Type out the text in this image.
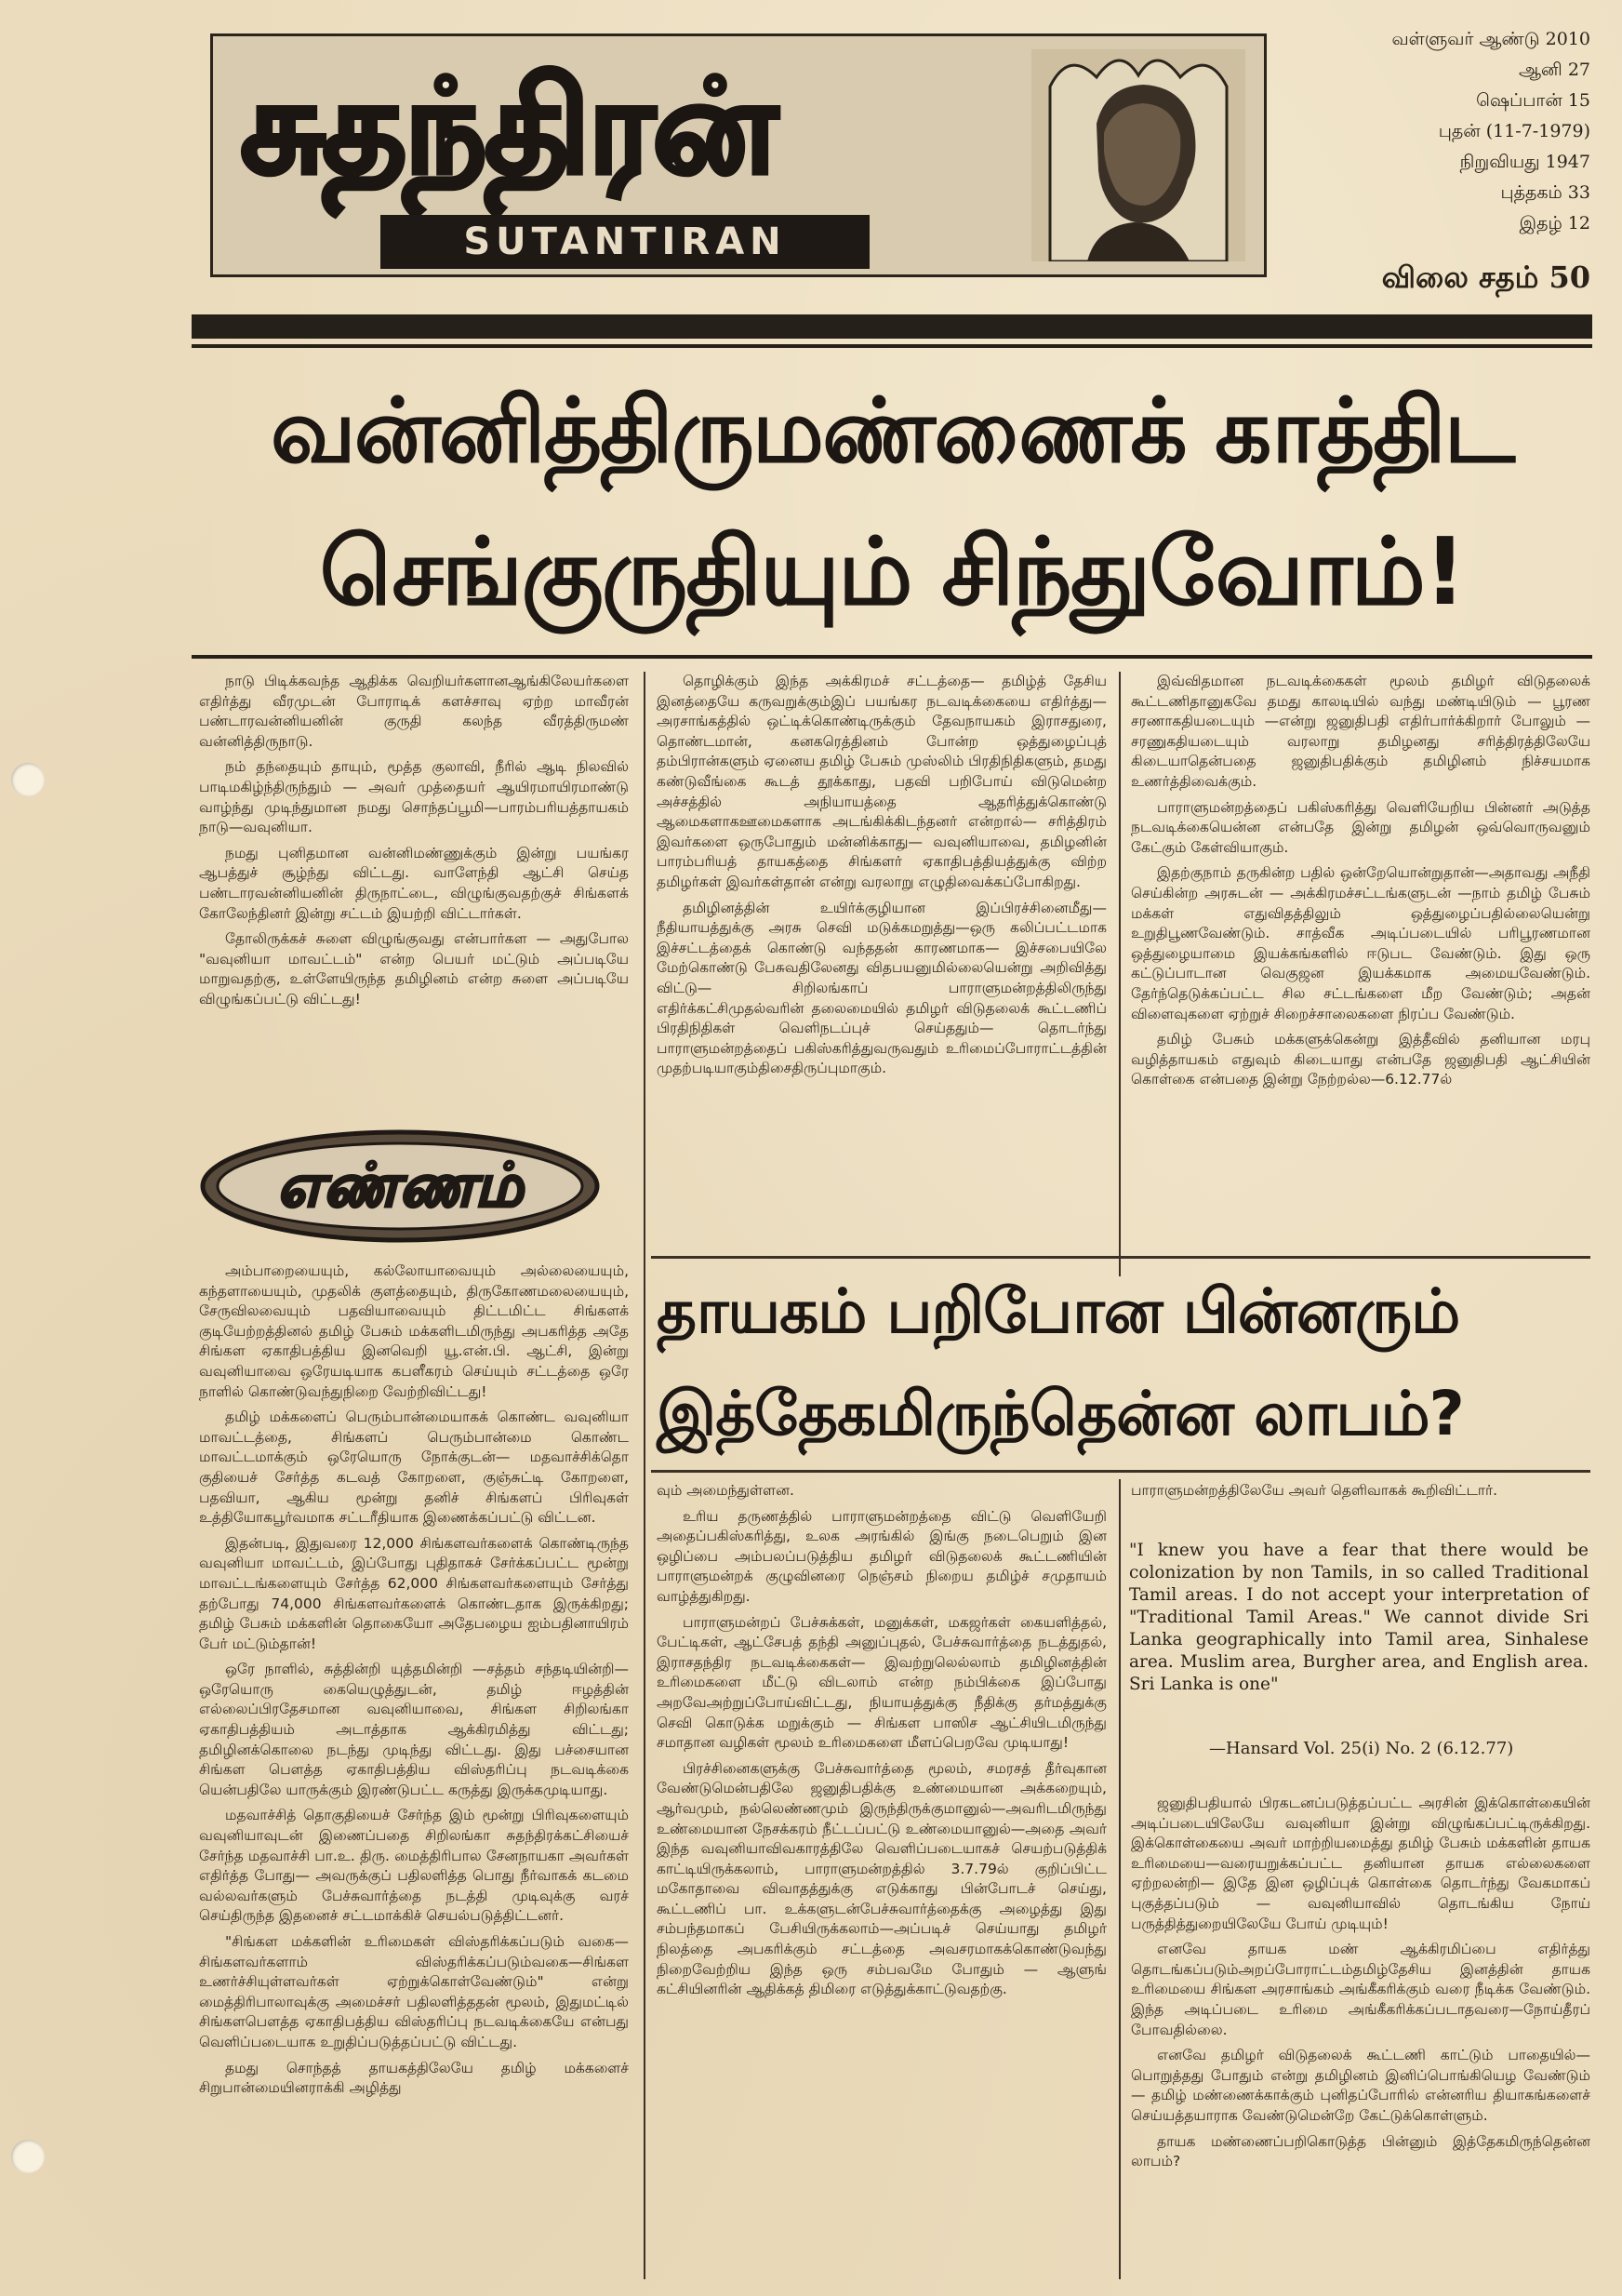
சுதந்திரன்
SUTANTIRAN
வள்ளுவர் ஆண்டு 2010
ஆனி 27
ஷெப்பான் 15
புதன் (11-7-1979)
நிறுவியது 1947
புத்தகம் 33
இதழ் 12
விலை சதம் 50
வன்னித்திருமண்ணைக் காத்திட
செங்குருதியும் சிந்துவோம்!

நாடு பிடிக்கவந்த ஆதிக்க வெறியர்களானஆங்கிலேயர்களை எதிர்த்து வீரமுடன் போராடிக் களச்சாவு ஏற்ற மாவீரன் பண்டாரவன்னியனின் குருதி கலந்த வீரத்திருமண் வன்னித்திருநாடு.

நம் தந்தையும் தாயும், மூத்த குலாவி, நீரில் ஆடி நிலவில் பாடிமகிழ்ந்திருந்தும் — அவர் முத்தையர் ஆயிரமாயிரமாண்டு வாழ்ந்து முடிந்துமான நமது சொந்தப்பூமி—பாரம்பரியத்தாயகம் நாடு—வவுனியா.

நமது புனிதமான வன்னிமண்ணுக்கும் இன்று பயங்கர ஆபத்துச் சூழ்ந்து விட்டது. வாளேந்தி ஆட்சி செய்த பண்டாரவன்னியனின் திருநாட்டை, விழுங்குவதற்குச் சிங்களக் கோலேந்தினர் இன்று சட்டம் இயற்றி விட்டார்கள்.

தோலிருக்கச் சுளை விழுங்குவது என்பார்கள — அதுபோல "வவுனியா மாவட்டம்" என்ற பெயர் மட்டும் அப்படியே மாறுவதற்கு, உள்ளேயிருந்த தமிழினம் என்ற சுளை அப்படியே விழுங்கப்பட்டு விட்டது!

எண்ணம்

அம்பாறையையும், கல்லோயாவையும் அல்லையையும், கந்தளாயையும், முதலிக் குளத்தையும், திருகோணமலையையும், சேருவிலவையும் பதவியாவையும் திட்டமிட்ட சிங்களக் குடியேற்றத்தினல் தமிழ் பேசும் மக்களிடமிருந்து அபகரித்த அதே சிங்கள ஏகாதிபத்திய இனவெறி யூ.என்.பி. ஆட்சி, இன்று வவுனியாவை ஒரேயடியாக கபளீகரம் செய்யும் சட்டத்தை ஒரே நாளில் கொண்டுவந்துநிறை வேற்றிவிட்டது!

தமிழ் மக்களைப் பெரும்பான்மையாகக் கொண்ட வவுனியா மாவட்டத்தை, சிங்களப் பெரும்பான்மை கொண்ட மாவட்டமாக்கும் ஒரேயொரு நோக்குடன்— மதவாச்சிக்தொ குதியைச் சேர்த்த கடவத் கோறளை, குஞ்சுட்டி கோறளை, பதவியா, ஆகிய மூன்று தனிச் சிங்களப் பிரிவுகள் உத்தியோகபூர்வமாக சட்டரீதியாக இணைக்கப்பட்டு விட்டன.

இதன்படி, இதுவரை 12,000 சிங்களவர்களைக் கொண்டிருந்த வவுனியா மாவட்டம், இப்போது புதிதாகச் சேர்க்கப்பட்ட மூன்று மாவட்டங்களையும் சேர்த்த 62,000 சிங்களவர்களையும் சேர்த்து தற்போது 74,000 சிங்களவர்களைக் கொண்டதாக இருக்கிறது; தமிழ் பேசும் மக்களின் தொகையோ அதேபழைய ஐம்பதினாயிரம் பேர் மட்டும்தான்!

ஒரே நாளில், சுத்தின்றி யுத்தமின்றி —சத்தம் சந்தடியின்றி— ஒரேயொரு கையெழுத்துடன், தமிழ் ஈழத்தின் எல்லைப்பிரதேசமான வவுனியாவை, சிங்கள சிறிலங்கா ஏகாதிபத்தியம் அடாத்தாக ஆக்கிரமித்து விட்டது; தமிழினக்கொலை நடந்து முடிந்து விட்டது. இது பச்சையான சிங்கள பௌத்த ஏகாதிபத்திய விஸ்தரிப்பு நடவடிக்கை யென்பதிலே யாருக்கும் இரண்டுபட்ட கருத்து இருக்கமுடியாது.

மதவாச்சித் தொகுதியைச் சேர்ந்த இம் மூன்று பிரிவுகளையும் வவுனியாவுடன் இணைப்பதை சிறிலங்கா சுதந்திரக்கட்சியைச் சேர்ந்த மதவாச்சி பா.உ. திரு. மைத்திரிபால சேனநாயகா அவர்கள் எதிர்த்த போது— அவருக்குப் பதிலளித்த பொது நீர்வாகக் கடமை வல்லவர்களும் பேச்சுவார்த்தை நடத்தி முடிவுக்கு வரச் செய்திருந்த இதனைச் சட்டமாக்கிச் செயல்படுத்திட்டனர்.

"சிங்கள மக்களின் உரிமைகள் விஸ்தரிக்கப்படும் வகை—சிங்களவர்களாம் விஸ்தரிக்கப்படும்வகை—சிங்கள உணர்ச்சியுள்ளவர்கள் ஏற்றுக்கொள்வேண்டும்" என்று மைத்திரிபாலாவுக்கு அமைச்சர் பதிலளித்ததன் மூலம், இதுமட்டில் சிங்களபௌத்த ஏகாதிபத்திய விஸ்தரிப்பு நடவடிக்கையே என்பது வெளிப்படையாக உறுதிப்படுத்தப்பட்டு விட்டது.

தமது சொந்தத் தாயகத்திலேயே தமிழ் மக்களைச் சிறுபான்மையினராக்கி அழித்து

தொழிக்கும் இந்த அக்கிரமச் சட்டத்தை— தமிழ்த் தேசிய இனத்தையே கருவறுக்கும்இப் பயங்கர நடவடிக்கையை எதிர்த்து— அரசாங்கத்தில் ஒட்டிக்கொண்டிருக்கும் தேவநாயகம் இராசதுரை, தொண்டமான், கனகரெத்தினம் போன்ற ஒத்துழைப்புத் தம்பிரான்களும் ஏனைய தமிழ் பேசும் முஸ்லிம் பிரதிநிதிகளும், தமது கண்டுவீங்கை கூடத் தூக்காது, பதவி பறிபோய் விடுமென்ற அச்சத்தில் அநியாயத்தை ஆதரித்துக்கொண்டு ஆமைகளாகஊமைகளாக அடங்கிக்கிடந்தனர் என்றால்— சரித்திரம் இவர்களை ஒருபோதும் மன்னிக்காது— வவுனியாவை, தமிழனின் பாரம்பரியத் தாயகத்தை சிங்களர் ஏகாதிபத்தியத்துக்கு விற்ற தமிழர்கள் இவர்கள்தான் என்று வரலாறு எழுதிவைக்கப்போகிறது.

தமிழினத்தின் உயிர்க்குழியான இப்பிரச்சினைமீது— நீதியாயத்துக்கு அரசு செவி மடுக்கமறுத்து—ஒரு கலிப்பட்டமாக இச்சட்டத்தைக் கொண்டு வந்ததன் காரணமாக— இச்சபையிலே மேற்கொண்டு பேசுவதிலேனது விதபயனுமில்லையென்று அறிவித்து விட்டு— சிறிலங்காப் பாராளுமன்றத்திலிருந்து எதிர்க்கட்சிமுதல்வரின் தலைமையில் தமிழர் விடுதலைக் கூட்டணிப் பிரதிநிதிகள் வெளிநடப்புச் செய்ததும்— தொடர்ந்து பாராளுமன்றத்தைப் பகிஸ்கரித்துவருவதும் உரிமைப்போராட்டத்தின் முதற்படியாகும்திசைதிருப்புமாகும்.

இவ்விதமான நடவடிக்கைகள் மூலம் தமிழர் விடுதலைக் கூட்டணிதானுகவே தமது காலடியில் வந்து மண்டியிடும் — பூரண சரணாகதியடையும் —என்று ஜனுதிபதி எதிர்பார்க்கிறார் போலும் — சரணுகதியடையும் வரலாறு தமிழனது சரித்திரத்திலேயே கிடையாதென்பதை ஜனுதிபதிக்கும் தமிழினம் நிச்சயமாக உணர்த்திவைக்கும்.

பாராளுமன்றத்தைப் பகிஸ்கரித்து வெளியேறிய பின்னர் அடுத்த நடவடிக்கையென்ன என்பதே இன்று தமிழன் ஒவ்வொருவனும் கேட்கும் கேள்வியாகும்.

இதற்குநாம் தருகின்ற பதில் ஒன்றேயொன்றுதான்—அதாவது அநீதி செய்கின்ற அரசுடன் — அக்கிரமச்சட்டங்களுடன் —நாம் தமிழ் பேசும் மக்கள் எதுவிதத்திலும் ஒத்துழைப்பதில்லையென்று உறுதிபூணவேண்டும். சாத்வீக அடிப்படையில் பரிபூரணமான ஒத்துழையாமை இயக்கங்களில் ஈடுபட வேண்டும். இது ஒரு கட்டுப்பாடான வெகுஜன இயக்கமாக அமையவேண்டும். தேர்ந்தெடுக்கப்பட்ட சில சட்டங்களை மீற வேண்டும்; அதன் விளைவுகளை ஏற்றுச் சிறைச்சாலைகளை நிரப்ப வேண்டும்.

தமிழ் பேசும் மக்களுக்கென்று இத்தீவில் தனியான மரபு வழித்தாயகம் எதுவும் கிடையாது என்பதே ஜனுதிபதி ஆட்சியின் கொள்கை என்பதை இன்று நேற்றல்ல—6.12.77ல்

தாயகம் பறிபோன பின்னரும்
இத்தேகமிருந்தென்ன லாபம்?

வும் அமைந்துள்ளன.

உரிய தருணத்தில் பாராளுமன்றத்தை விட்டு வெளியேறி அதைப்பகிஸ்கரித்து, உலக அரங்கில் இங்கு நடைபெறும் இன ஒழிப்பை அம்பலப்படுத்திய தமிழர் விடுதலைக் கூட்டணியின் பாராளுமன்றக் குழுவினரை நெஞ்சம் நிறைய தமிழ்ச் சமுதாயம் வாழ்த்துகிறது.

பாராளுமன்றப் பேச்சுக்கள், மனுக்கள், மகஜர்கள் கையளித்தல், பேட்டிகள், ஆட்சேபத் தந்தி அனுப்புதல், பேச்சுவார்த்தை நடத்துதல், இராசதந்திர நடவடிக்கைகள்— இவற்றுலெல்லாம் தமிழினத்தின் உரிமைகளை மீட்டு விடலாம் என்ற நம்பிக்கை இப்போது அறவேஅற்றுப்போய்விட்டது, நியாயத்துக்கு நீதிக்கு தர்மத்துக்கு செவி கொடுக்க மறுக்கும் — சிங்கள பாஸிச ஆட்சியிடமிருந்து சமாதான வழிகள் மூலம் உரிமைகளை மீளப்பெறவே முடியாது!

பிரச்சினைகளுக்கு பேச்சுவார்த்தை மூலம், சமரசத் தீர்வுகான வேண்டுமென்பதிலே ஜனுதிபதிக்கு உண்மையான அக்கறையும், ஆர்வமும், நல்லெண்ணமும் இருந்திருக்குமானுல்—அவரிடமிருந்து உண்மையான நேசக்கரம் நீட்டப்பட்டு உண்மையானுல்—அதை அவர் இந்த வவுனியாவிவகாரத்திலே வெளிப்படையாகச் செயற்படுத்திக் காட்டியிருக்கலாம், பாராளுமன்றத்தில் 3.7.79ல் குறிப்பிட்ட மகோதாவை விவாதத்துக்கு எடுக்காது பின்போடச் செய்து, கூட்டணிப் பா. உக்களுடன்பேச்சுவார்த்தைக்கு அழைத்து இது சம்பந்தமாகப் பேசியிருக்கலாம்—அப்படிச் செய்யாது தமிழர் நிலத்தை அபகரிக்கும் சட்டத்தை அவசரமாகக்கொண்டுவந்து நிறைவேற்றிய இந்த ஒரு சம்பவமே போதும் — ஆளுங் கட்சியினரின் ஆதிக்கத் திமிரை எடுத்துக்காட்டுவதற்கு.

பாராளுமன்றத்திலேயே அவர் தெளிவாகக் கூறிவிட்டார்.

"I knew you have a fear that there would be colonization by non Tamils, in so called Traditional Tamil areas. I do not accept your interpretation of "Traditional Tamil Areas." We cannot divide Sri Lanka geographically into Tamil area, Sinhalese area. Muslim area, Burgher area, and English area. Sri Lanka is one"
—Hansard Vol. 25(i) No. 2 (6.12.77)

ஜனுதிபதியால் பிரகடனப்படுத்தப்பட்ட அரசின் இக்கொள்கையின் அடிப்படையிலேயே வவுனியா இன்று விழுங்கப்பட்டிருக்கிறது. இக்கொள்கையை அவர் மாற்றியமைத்து தமிழ் பேசும் மக்களின் தாயக உரிமையை—வரையறுக்கப்பட்ட தனியான தாயக எல்லைகளை ஏற்றலன்றி— இதே இன ஒழிப்புக் கொள்கை தொடர்ந்து வேகமாகப் புகுத்தப்படும் — வவுனியாவில் தொடங்கிய நோய் பருத்தித்துறையிலேயே போய் முடியும்!

எனவே தாயக மண் ஆக்கிரமிப்பை எதிர்த்து தொடங்கப்படும்அறப்போராட்டம்தமிழ்தேசிய இனத்தின் தாயக உரிமையை சிங்கள அரசாங்கம் அங்கீகரிக்கும் வரை நீடிக்க வேண்டும். இந்த அடிப்படை உரிமை அங்கீகரிக்கப்படாதவரை—நோய்தீரப் போவதில்லை.

எனவே தமிழர் விடுதலைக் கூட்டணி காட்டும் பாதையில்—பொறுத்தது போதும் என்று தமிழினம் இனிப்பொங்கியெழ வேண்டும்— தமிழ் மண்ணைக்காக்கும் புனிதப்போரில் என்னரிய தியாகங்களைச் செய்யத்தயாராக வேண்டுமென்றே கேட்டுக்கொள்ளும்.

தாயக மண்ணைப்பறிகொடுத்த பின்னும் இத்தேகமிருந்தென்ன லாபம்?
